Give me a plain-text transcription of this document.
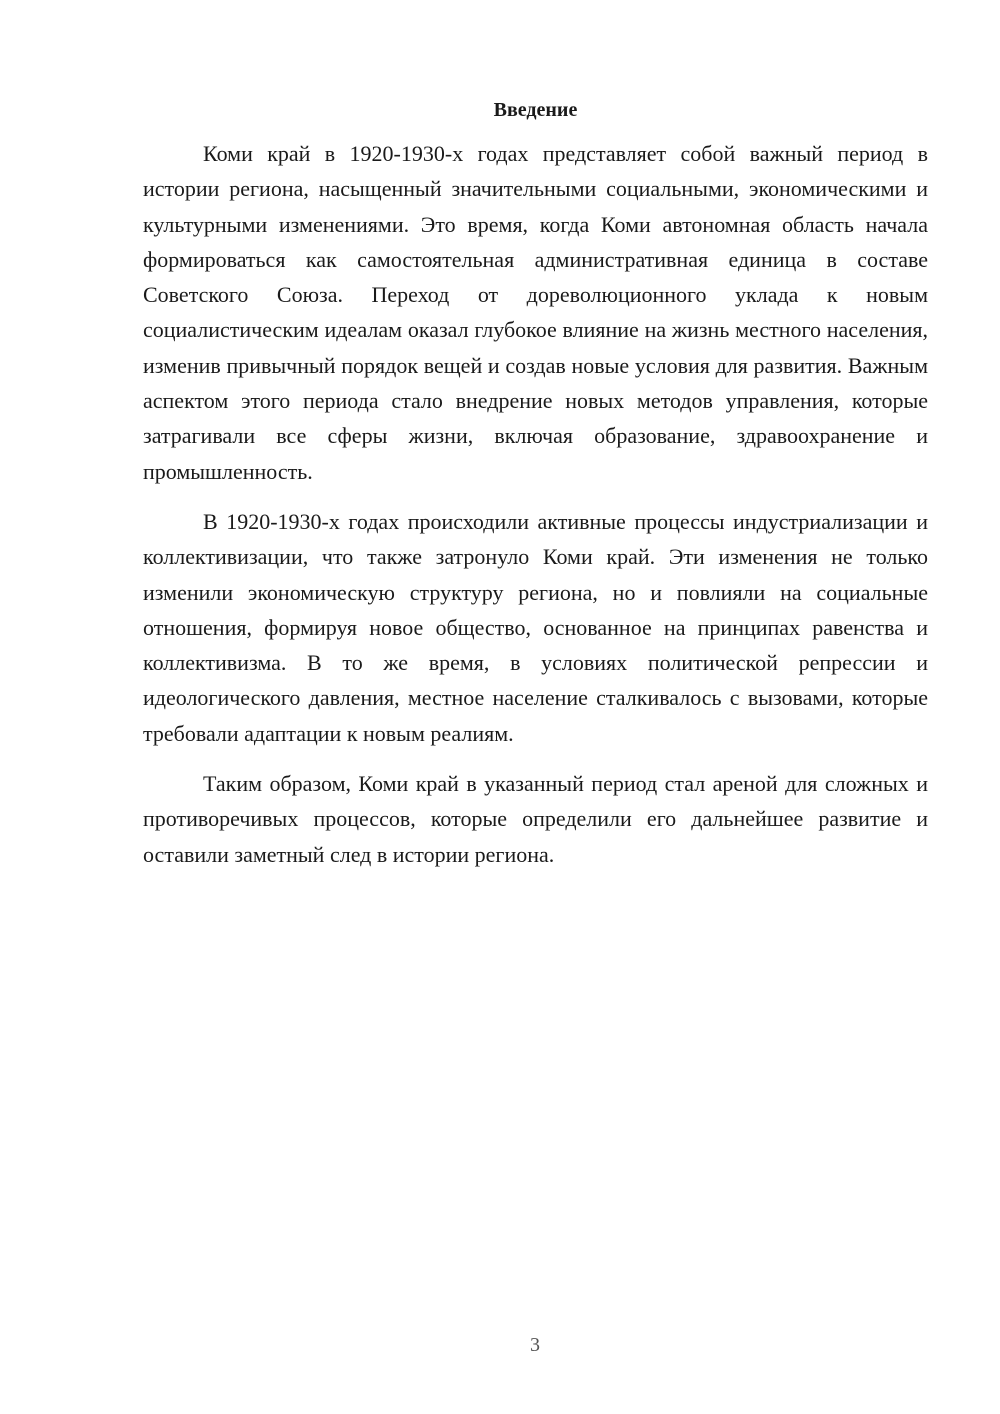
Введение

Коми край в 1920-1930-х годах представляет собой важный период в истории региона, насыщенный значительными социальными, экономическими и культурными изменениями. Это время, когда Коми автономная область начала формироваться как самостоятельная административная единица в составе Советского Союза. Переход от дореволюционного уклада к новым социалистическим идеалам оказал глубокое влияние на жизнь местного населения, изменив привычный порядок вещей и создав новые условия для развития. Важным аспектом этого периода стало внедрение новых методов управления, которые затрагивали все сферы жизни, включая образование, здравоохранение и промышленность.

В 1920-1930-х годах происходили активные процессы индустриализации и коллективизации, что также затронуло Коми край. Эти изменения не только изменили экономическую структуру региона, но и повлияли на социальные отношения, формируя новое общество, основанное на принципах равенства и коллективизма. В то же время, в условиях политической репрессии и идеологического давления, местное население сталкивалось с вызовами, которые требовали адаптации к новым реалиям.

Таким образом, Коми край в указанный период стал ареной для сложных и противоречивых процессов, которые определили его дальнейшее развитие и оставили заметный след в истории региона.

3
